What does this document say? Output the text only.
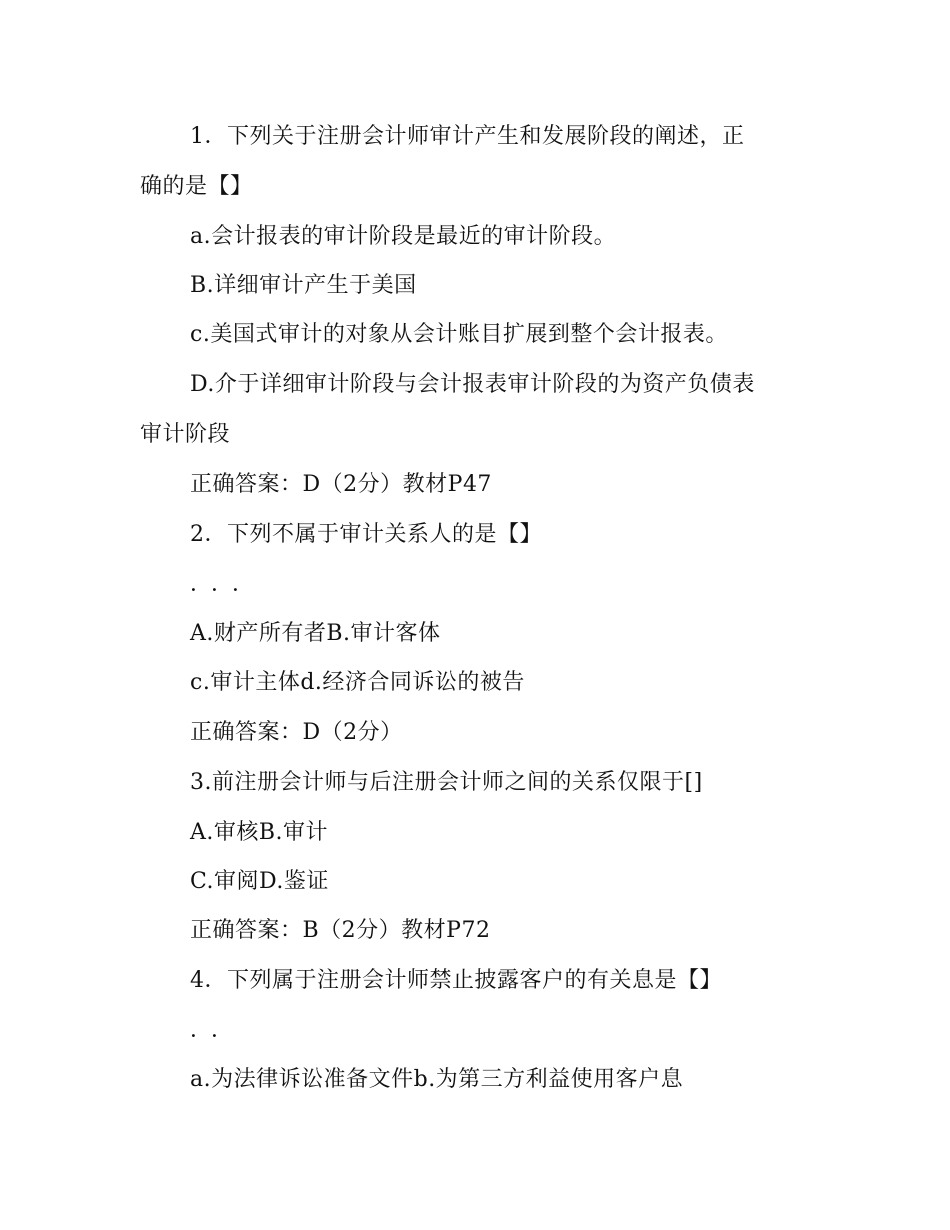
1．下列关于注册会计师审计产生和发展阶段的阐述，正
确的是【】
a.会计报表的审计阶段是最近的审计阶段。
B.详细审计产生于美国
c.美国式审计的对象从会计账目扩展到整个会计报表。
D.介于详细审计阶段与会计报表审计阶段的为资产负债表
审计阶段
正确答案：D（2分）教材P47
2．下列不属于审计关系人的是【】
．．．
A.财产所有者B.审计客体
c.审计主体d.经济合同诉讼的被告
正确答案：D（2分）
3.前注册会计师与后注册会计师之间的关系仅限于[]
A.审核B.审计
C.审阅D.鉴证
正确答案：B（2分）教材P72
4．下列属于注册会计师禁止披露客户的有关息是【】
．．
a.为法律诉讼准备文件b.为第三方利益使用客户息
